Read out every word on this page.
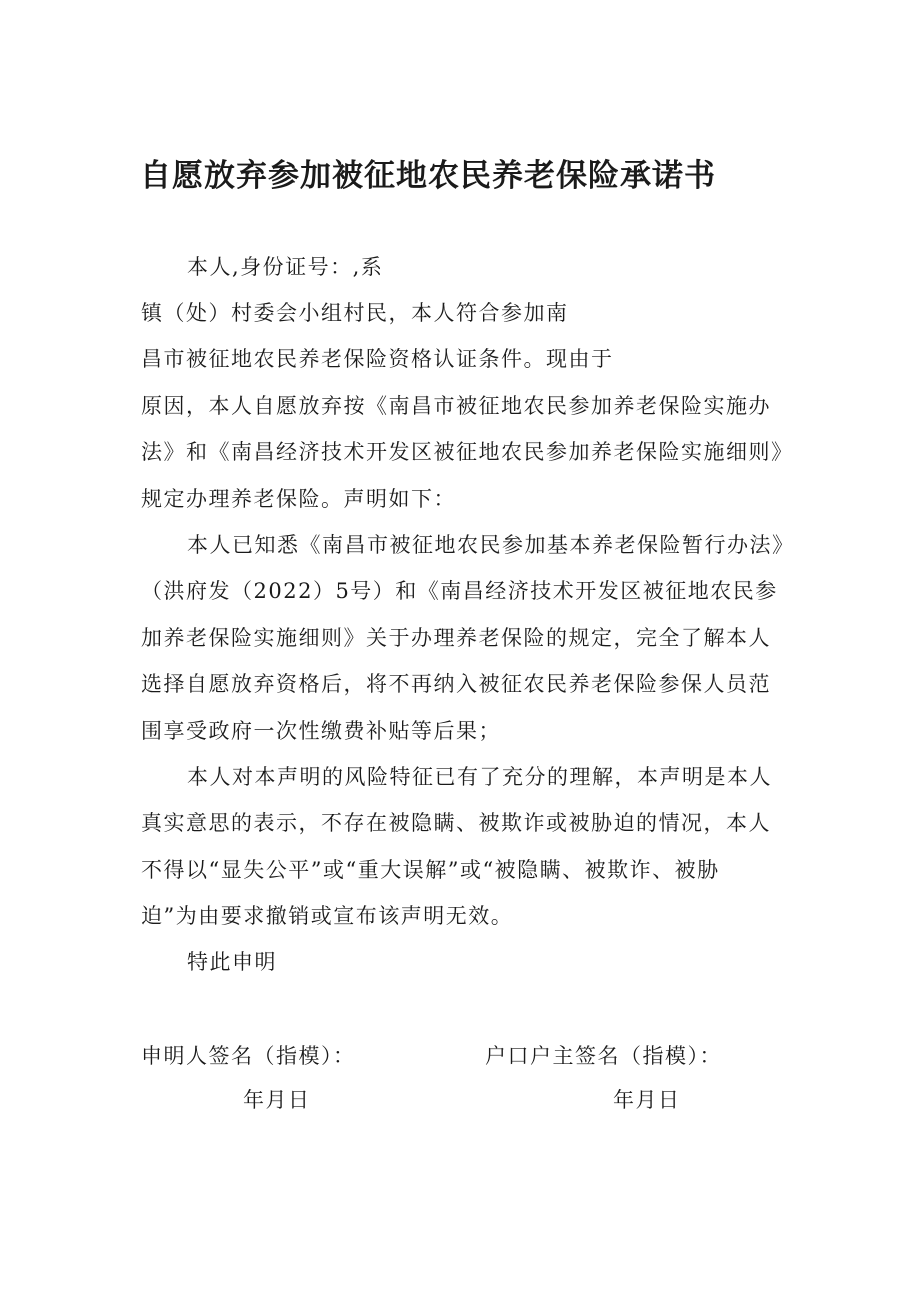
自愿放弃参加被征地农民养老保险承诺书
本人,身份证号：,系
镇（处）村委会小组村民，本人符合参加南
昌市被征地农民养老保险资格认证条件。现由于
原因，本人自愿放弃按《南昌市被征地农民参加养老保险实施办
法》和《南昌经济技术开发区被征地农民参加养老保险实施细则》
规定办理养老保险。声明如下：
本人已知悉《南昌市被征地农民参加基本养老保险暂行办法》
（洪府发（2022）5号）和《南昌经济技术开发区被征地农民参
加养老保险实施细则》关于办理养老保险的规定，完全了解本人
选择自愿放弃资格后，将不再纳入被征农民养老保险参保人员范
围享受政府一次性缴费补贴等后果；
本人对本声明的风险特征已有了充分的理解，本声明是本人
真实意思的表示，不存在被隐瞒、被欺诈或被胁迫的情况，本人
不得以“显失公平”或“重大误解”或“被隐瞒、被欺诈、被胁
迫”为由要求撤销或宣布该声明无效。
特此申明
申明人签名（指模）：	户口户主签名（指模）：
年月日	年月日
